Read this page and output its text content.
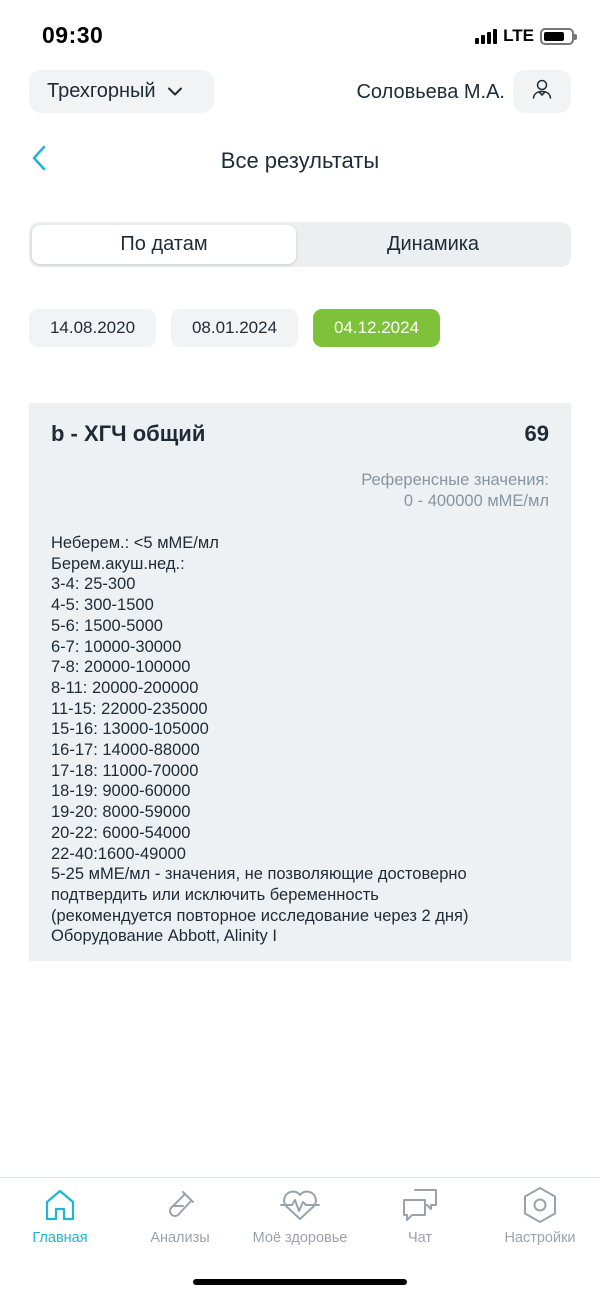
09:30	LTE
Трехгорный	Соловьева М.А.
Все результаты
По датам	Динамика
14.08.2020	08.01.2024	04.12.2024
b - ХГЧ общий	69
Референсные значения:
0 - 400000 мМЕ/мл
Неберем.: <5 мМЕ/мл
Берем.акуш.нед.:
3-4: 25-300
4-5: 300-1500
5-6: 1500-5000
6-7: 10000-30000
7-8: 20000-100000
8-11: 20000-200000
11-15: 22000-235000
15-16: 13000-105000
16-17: 14000-88000
17-18: 11000-70000
18-19: 9000-60000
19-20: 8000-59000
20-22: 6000-54000
22-40:1600-49000
5-25 мМЕ/мл - значения, не позволяющие достоверно
подтвердить или исключить беременность
(рекомендуется повторное исследование через 2 дня)
Оборудование Abbott, Alinity I
Главная	Анализы	Моё здоровье	Чат	Настройки
